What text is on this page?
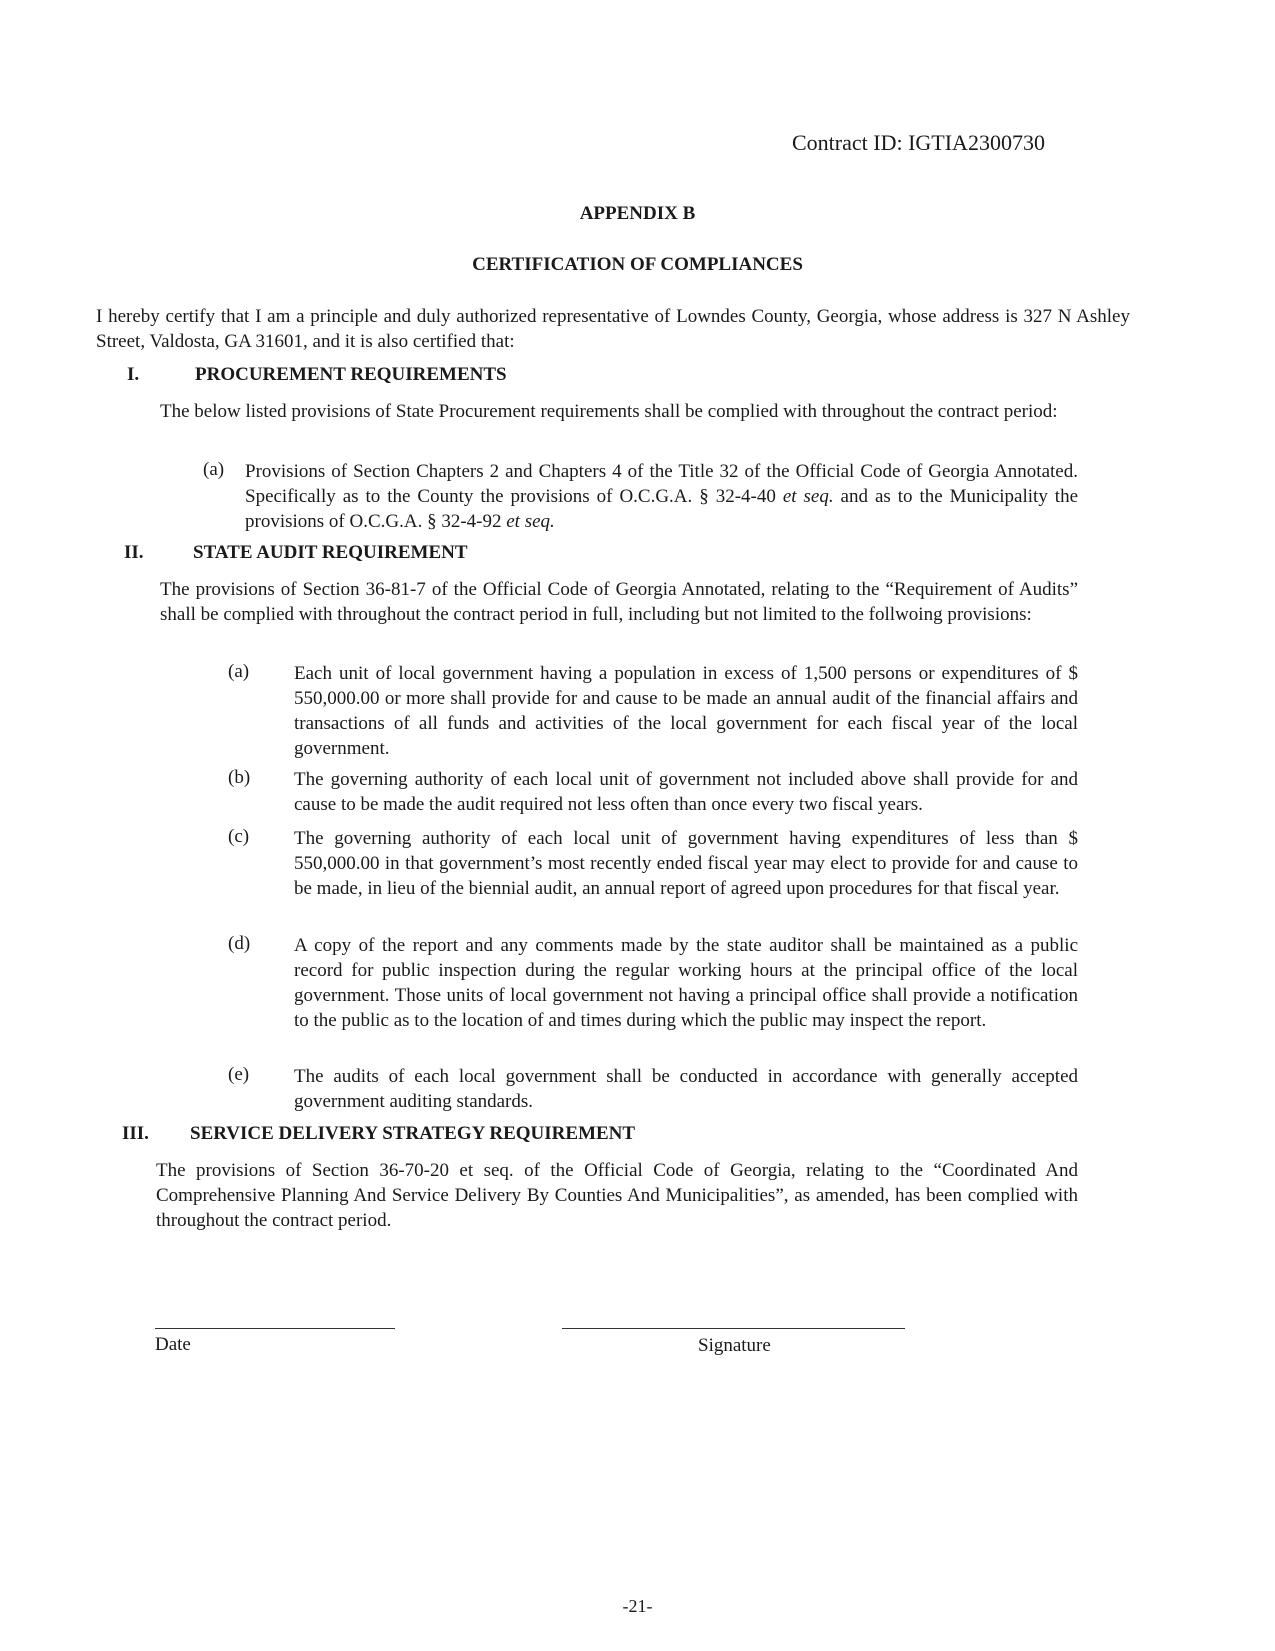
Contract ID: IGTIA2300730
APPENDIX B
CERTIFICATION OF COMPLIANCES
I hereby certify that I am a principle and duly authorized representative of Lowndes County, Georgia, whose address is 327 N Ashley Street, Valdosta, GA 31601, and it is also certified that:
I.	PROCUREMENT REQUIREMENTS
The below listed provisions of State Procurement requirements shall be complied with throughout the contract period:
(a) Provisions of Section Chapters 2 and Chapters 4 of the Title 32 of the Official Code of Georgia Annotated. Specifically as to the County the provisions of O.C.G.A. § 32-4-40 et seq. and as to the Municipality the provisions of O.C.G.A. § 32-4-92 et seq.
II.	STATE AUDIT REQUIREMENT
The provisions of Section 36-81-7 of the Official Code of Georgia Annotated, relating to the “Requirement of Audits” shall be complied with throughout the contract period in full, including but not limited to the follwoing provisions:
(a) Each unit of local government having a population in excess of 1,500 persons or expenditures of $ 550,000.00 or more shall provide for and cause to be made an annual audit of the financial affairs and transactions of all funds and activities of the local government for each fiscal year of the local government.
(b) The governing authority of each local unit of government not included above shall provide for and cause to be made the audit required not less often than once every two fiscal years.
(c) The governing authority of each local unit of government having expenditures of less than $ 550,000.00 in that government’s most recently ended fiscal year may elect to provide for and cause to be made, in lieu of the biennial audit, an annual report of agreed upon procedures for that fiscal year.
(d) A copy of the report and any comments made by the state auditor shall be maintained as a public record for public inspection during the regular working hours at the principal office of the local government. Those units of local government not having a principal office shall provide a notification to the public as to the location of and times during which the public may inspect the report.
(e) The audits of each local government shall be conducted in accordance with generally accepted government auditing standards.
III. SERVICE DELIVERY STRATEGY REQUIREMENT
The provisions of Section 36-70-20 et seq. of the Official Code of Georgia, relating to the “Coordinated And Comprehensive Planning And Service Delivery By Counties And Municipalities”, as amended, has been complied with throughout the contract period.
Date	Signature
-21-
